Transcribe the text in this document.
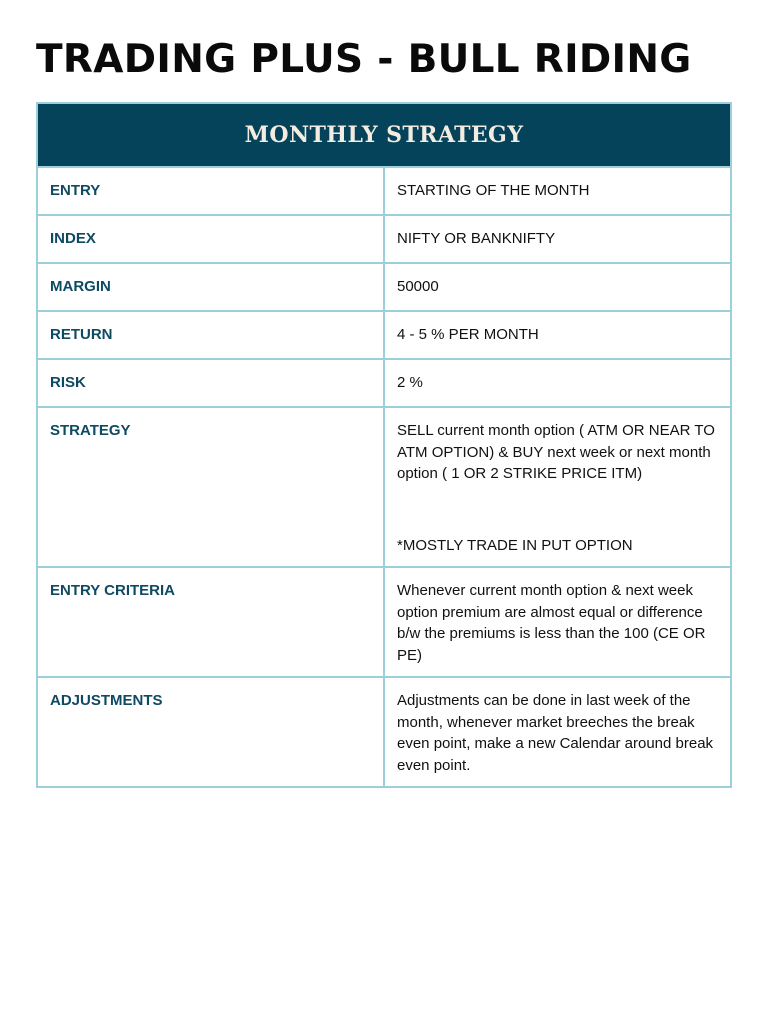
TRADING PLUS - BULL RIDING
MONTHLY STRATEGY	
ENTRY	STARTING OF THE MONTH
INDEX	NIFTY OR BANKNIFTY
MARGIN	50000
RETURN	4 - 5 % PER MONTH
RISK	2 %
STRATEGY	SELL current month option ( ATM OR NEAR TO ATM OPTION) & BUY next week or next month option ( 1 OR 2 STRIKE PRICE ITM)
*MOSTLY TRADE IN PUT OPTION

ENTRY CRITERIA	Whenever current month option & next week option premium are almost equal or difference b/w the premiums is less than the 100 (CE OR PE)
ADJUSTMENTS	Adjustments can be done in last week of the month, whenever market breeches the break even point, make a new Calendar around break even point.
